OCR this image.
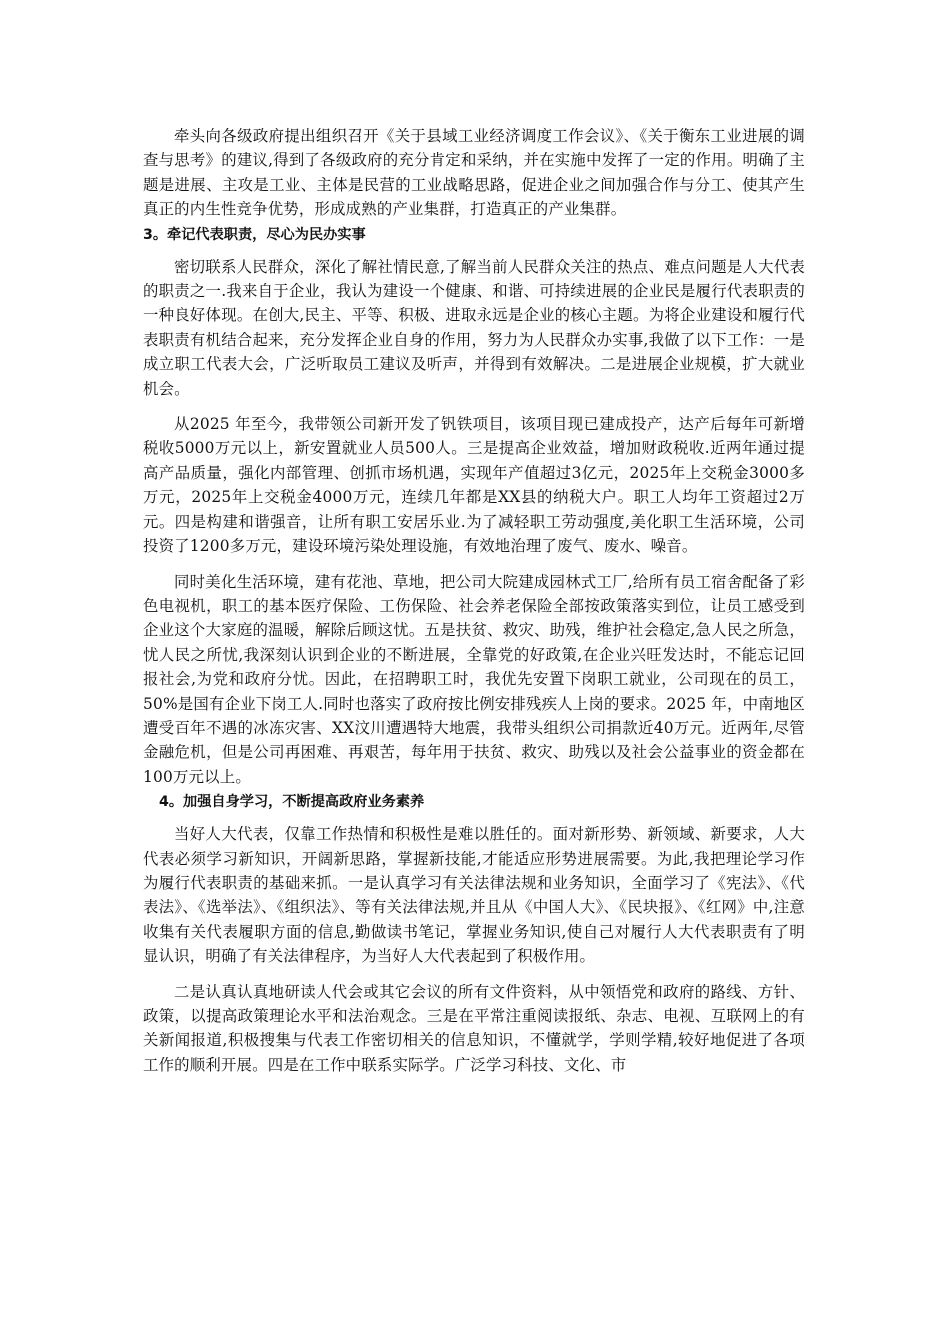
牵头向各级政府提出组织召开《关于县域工业经济调度工作会议》、《关于衡东工业进展的调查与思考》的建议,得到了各级政府的充分肯定和采纳，并在实施中发挥了一定的作用。明确了主题是进展、主攻是工业、主体是民营的工业战略思路，促进企业之间加强合作与分工、使其产生真正的内生性竞争优势，形成成熟的产业集群，打造真正的产业集群。

3。牵记代表职责，尽心为民办实事

密切联系人民群众，深化了解社情民意,了解当前人民群众关注的热点、难点问题是人大代表的职责之一.我来自于企业，我认为建设一个健康、和谐、可持续进展的企业民是履行代表职责的一种良好体现。在创大,民主、平等、积极、进取永远是企业的核心主题。为将企业建设和履行代表职责有机结合起来，充分发挥企业自身的作用，努力为人民群众办实事,我做了以下工作：一是成立职工代表大会，广泛听取员工建议及听声，并得到有效解决。二是进展企业规模，扩大就业机会。

从2025 年至今，我带领公司新开发了钒铁项目，该项目现已建成投产，达产后每年可新增税收5000万元以上，新安置就业人员500人。三是提高企业效益，增加财政税收.近两年通过提高产品质量，强化内部管理、创抓市场机遇，实现年产值超过3亿元，2025年上交税金3000多万元，2025年上交税金4000万元，连续几年都是XX县的纳税大户。职工人均年工资超过2万元。四是构建和谐强音，让所有职工安居乐业.为了减轻职工劳动强度,美化职工生活环境，公司投资了1200多万元，建设环境污染处理设施，有效地治理了废气、废水、噪音。

同时美化生活环境，建有花池、草地，把公司大院建成园林式工厂,给所有员工宿舍配备了彩色电视机，职工的基本医疗保险、工伤保险、社会养老保险全部按政策落实到位，让员工感受到企业这个大家庭的温暖，解除后顾这忧。五是扶贫、救灾、助残，维护社会稳定,急人民之所急，忧人民之所忧,我深刻认识到企业的不断进展，全靠党的好政策,在企业兴旺发达时，不能忘记回报社会,为党和政府分忧。因此，在招聘职工时，我优先安置下岗职工就业，公司现在的员工，50%是国有企业下岗工人.同时也落实了政府按比例安排残疾人上岗的要求。2025 年，中南地区遭受百年不遇的冰冻灾害、XX汶川遭遇特大地震，我带头组织公司捐款近40万元。近两年,尽管金融危机，但是公司再困难、再艰苦，每年用于扶贫、救灾、助残以及社会公益事业的资金都在100万元以上。

4。加强自身学习，不断提高政府业务素养

当好人大代表，仅靠工作热情和积极性是难以胜任的。面对新形势、新领域、新要求，人大代表必须学习新知识，开阔新思路，掌握新技能,才能适应形势进展需要。为此,我把理论学习作为履行代表职责的基础来抓。一是认真学习有关法律法规和业务知识，全面学习了《宪法》、《代表法》、《选举法》、《组织法》、等有关法律法规,并且从《中国人大》、《民块报》、《红网》中,注意收集有关代表履职方面的信息,勤做读书笔记，掌握业务知识,使自己对履行人大代表职责有了明显认识，明确了有关法律程序，为当好人大代表起到了积极作用。

二是认真认真地研读人代会或其它会议的所有文件资料，从中领悟党和政府的路线、方针、政策，以提高政策理论水平和法治观念。三是在平常注重阅读报纸、杂志、电视、互联网上的有关新闻报道,积极搜集与代表工作密切相关的信息知识，不懂就学，学则学精,较好地促进了各项工作的顺利开展。四是在工作中联系实际学。广泛学习科技、文化、市
